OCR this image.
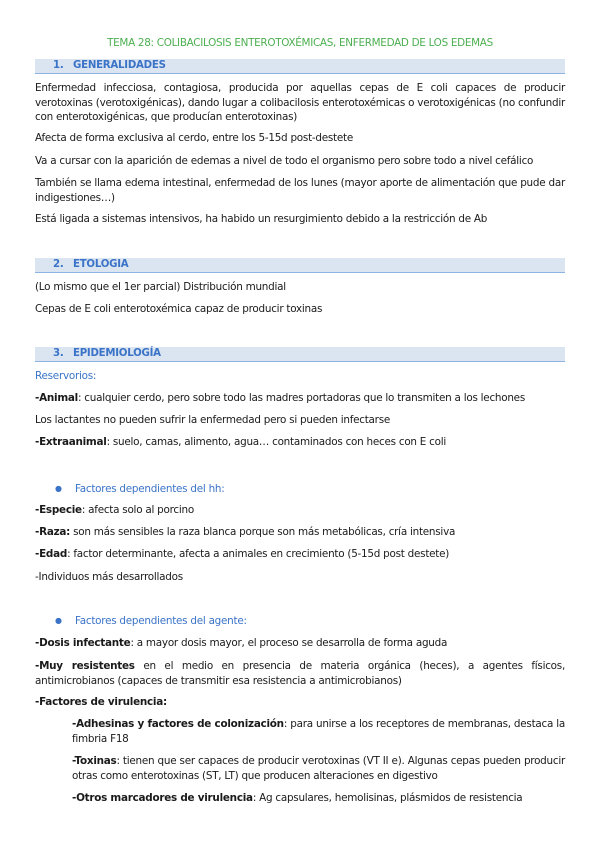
TEMA 28: COLIBACILOSIS ENTEROTOXÉMICAS, ENFERMEDAD DE LOS EDEMAS
1. GENERALIDADES

Enfermedad infecciosa, contagiosa, producida por aquellas cepas de E coli capaces de producir verotoxinas (verotoxigénicas), dando lugar a colibacilosis enterotoxémicas o verotoxigénicas (no confundir con enterotoxigénicas, que producían enterotoxinas)

Afecta de forma exclusiva al cerdo, entre los 5-15d post-destete

Va a cursar con la aparición de edemas a nivel de todo el organismo pero sobre todo a nivel cefálico

También se llama edema intestinal, enfermedad de los lunes (mayor aporte de alimentación que pude dar indigestiones…)

Está ligada a sistemas intensivos, ha habido un resurgimiento debido a la restricción de Ab

2. ETOLOGIA

(Lo mismo que el 1er parcial) Distribución mundial

Cepas de E coli enterotoxémica capaz de producir toxinas

3. EPIDEMIOLOGÍA

Reservorios:

-Animal: cualquier cerdo, pero sobre todo las madres portadoras que lo transmiten a los lechones

Los lactantes no pueden sufrir la enfermedad pero si pueden infectarse

-Extraanimal: suelo, camas, alimento, agua… contaminados con heces con E coli

● Factores dependientes del hh:

-Especie: afecta solo al porcino

-Raza: son más sensibles la raza blanca porque son más metabólicas, cría intensiva

-Edad: factor determinante, afecta a animales en crecimiento (5-15d post destete)

-Individuos más desarrollados

● Factores dependientes del agente:

-Dosis infectante: a mayor dosis mayor, el proceso se desarrolla de forma aguda

-Muy resistentes en el medio en presencia de materia orgánica (heces), a agentes físicos, antimicrobianos (capaces de transmitir esa resistencia a antimicrobianos)

-Factores de virulencia:

-Adhesinas y factores de colonización: para unirse a los receptores de membranas, destaca la fimbria F18

-Toxinas: tienen que ser capaces de producir verotoxinas (VT II e). Algunas cepas pueden producir otras como enterotoxinas (ST, LT) que producen alteraciones en digestivo

-Otros marcadores de virulencia: Ag capsulares, hemolisinas, plásmidos de resistencia
